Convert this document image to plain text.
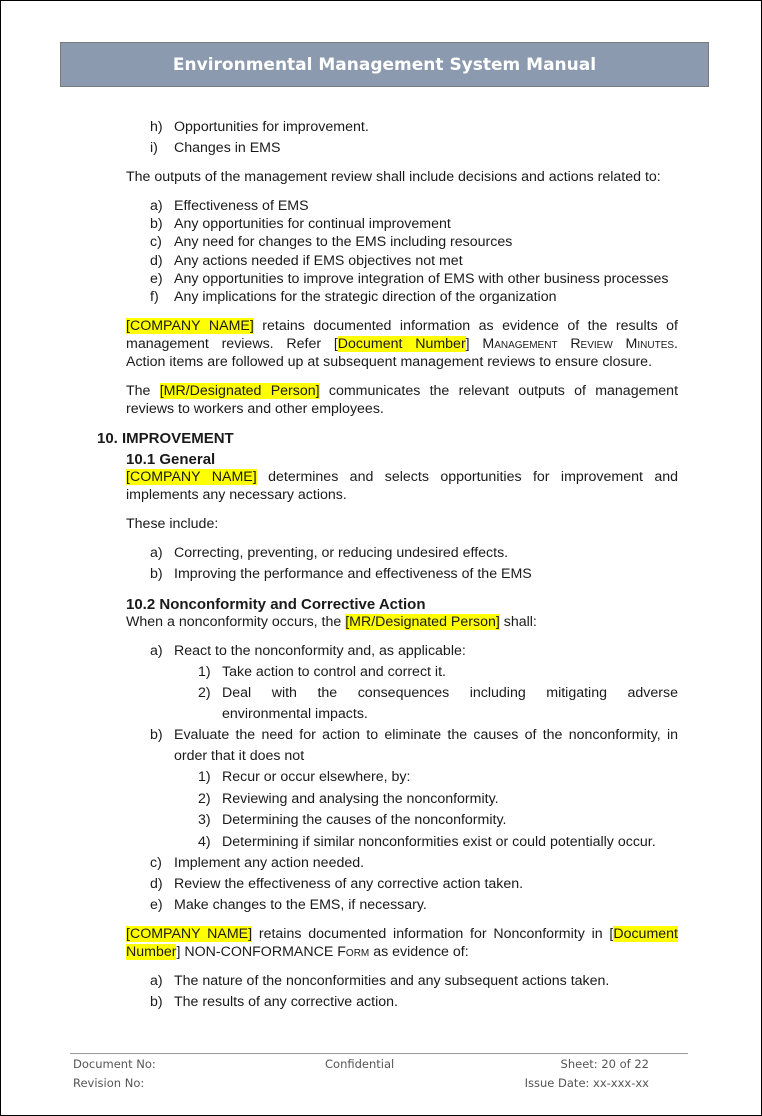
Environmental Management System Manual
h) Opportunities for improvement.
i) Changes in EMS
The outputs of the management review shall include decisions and actions related to:
a) Effectiveness of EMS
b) Any opportunities for continual improvement
c) Any need for changes to the EMS including resources
d) Any actions needed if EMS objectives not met
e) Any opportunities to improve integration of EMS with other business processes
f) Any implications for the strategic direction of the organization
[COMPANY NAME] retains documented information as evidence of the results of
management reviews. Refer [Document Number] Management Review Minutes.
Action items are followed up at subsequent management reviews to ensure closure.
The [MR/Designated Person] communicates the relevant outputs of management
reviews to workers and other employees.
10. IMPROVEMENT
10.1 General
[COMPANY NAME] determines and selects opportunities for improvement and
implements any necessary actions.
These include:
a) Correcting, preventing, or reducing undesired effects.
b) Improving the performance and effectiveness of the EMS
10.2 Nonconformity and Corrective Action
When a nonconformity occurs, the [MR/Designated Person] shall:
a) React to the nonconformity and, as applicable:
1) Take action to control and correct it.
2) Deal with the consequences including mitigating adverse
environmental impacts.
b) Evaluate the need for action to eliminate the causes of the nonconformity, in
order that it does not
1) Recur or occur elsewhere, by:
2) Reviewing and analysing the nonconformity.
3) Determining the causes of the nonconformity.
4) Determining if similar nonconformities exist or could potentially occur.
c) Implement any action needed.
d) Review the effectiveness of any corrective action taken.
e) Make changes to the EMS, if necessary.
[COMPANY NAME] retains documented information for Nonconformity in [Document
Number] NON-CONFORMANCE Form as evidence of:
a) The nature of the nonconformities and any subsequent actions taken.
b) The results of any corrective action.
Document No:
Revision No:
Confidential	Sheet: 20 of 22
Issue Date: xx-xxx-xx
